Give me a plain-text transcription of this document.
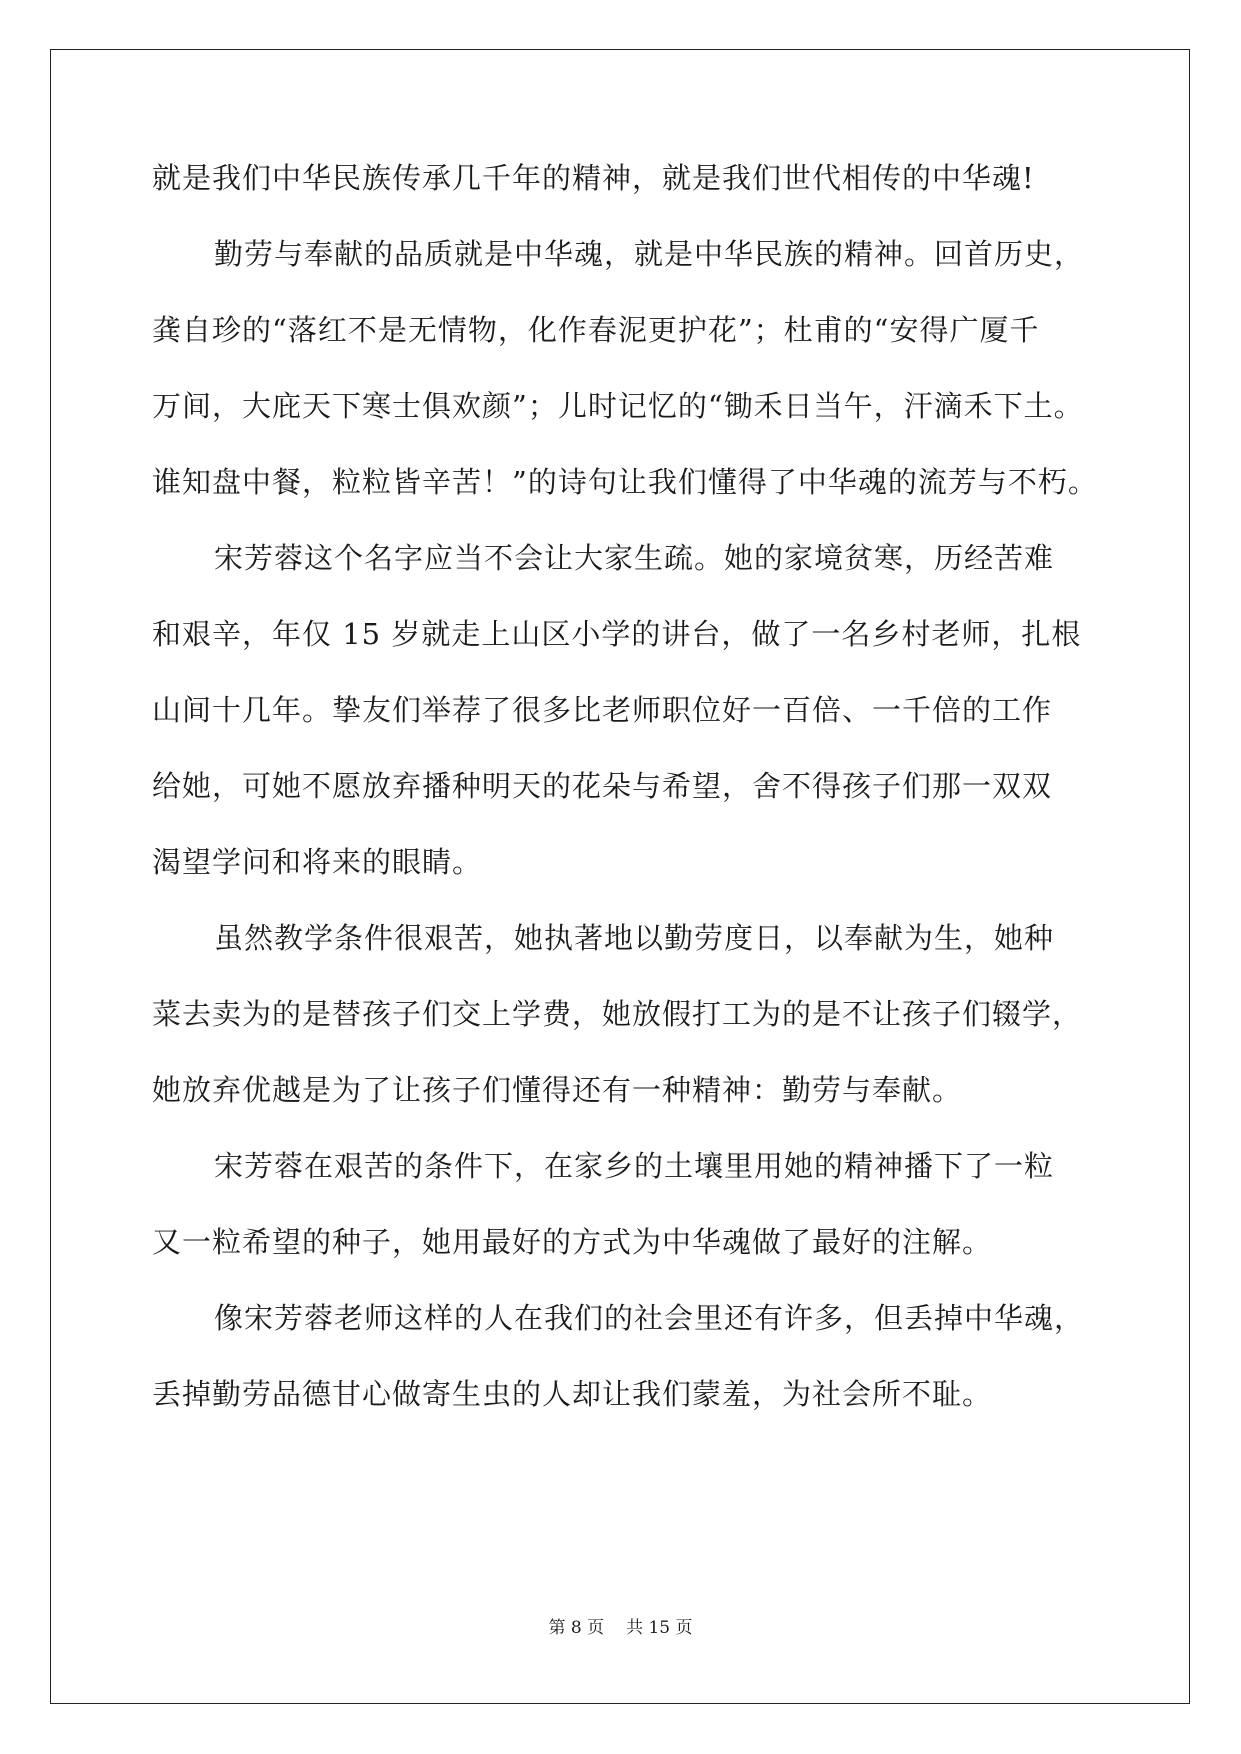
就是我们中华民族传承几千年的精神，就是我们世代相传的中华魂!
勤劳与奉献的品质就是中华魂，就是中华民族的精神。回首历史，
龚自珍的“落红不是无情物，化作春泥更护花”；杜甫的“安得广厦千
万间，大庇天下寒士俱欢颜”；儿时记忆的“锄禾日当午，汗滴禾下土。
谁知盘中餐，粒粒皆辛苦！”的诗句让我们懂得了中华魂的流芳与不朽。
宋芳蓉这个名字应当不会让大家生疏。她的家境贫寒，历经苦难
和艰辛，年仅 15 岁就走上山区小学的讲台，做了一名乡村老师，扎根
山间十几年。挚友们举荐了很多比老师职位好一百倍、一千倍的工作
给她，可她不愿放弃播种明天的花朵与希望，舍不得孩子们那一双双
渴望学问和将来的眼睛。
虽然教学条件很艰苦，她执著地以勤劳度日，以奉献为生，她种
菜去卖为的是替孩子们交上学费，她放假打工为的是不让孩子们辍学，
她放弃优越是为了让孩子们懂得还有一种精神：勤劳与奉献。
宋芳蓉在艰苦的条件下，在家乡的土壤里用她的精神播下了一粒
又一粒希望的种子，她用最好的方式为中华魂做了最好的注解。
像宋芳蓉老师这样的人在我们的社会里还有许多，但丢掉中华魂，
丢掉勤劳品德甘心做寄生虫的人却让我们蒙羞，为社会所不耻。
第 8 页 共 15 页
